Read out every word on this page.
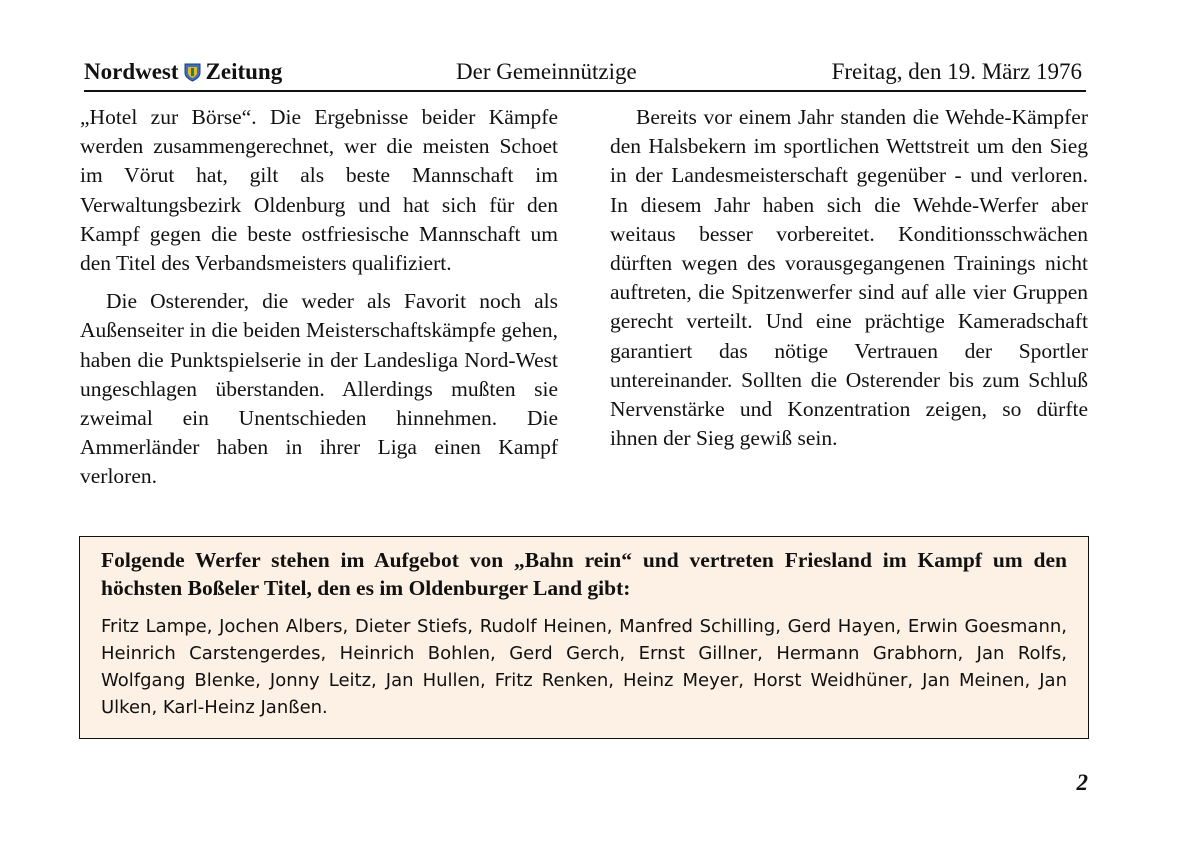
Nordwest Zeitung	Der Gemeinnützige	Freitag, den 19. März 1976

„Hotel zur Börse“. Die Ergebnisse beider Kämpfe werden zusammengerechnet, wer die meisten Schoet im Vörut hat, gilt als beste Mannschaft im Verwaltungsbezirk Oldenburg und hat sich für den Kampf gegen die beste ostfriesische Mannschaft um den Titel des Verbandsmeisters qualifiziert.

Die Osterender, die weder als Favorit noch als Außenseiter in die beiden Meisterschaftskämpfe gehen, haben die Punktspielserie in der Landesliga Nord-West ungeschlagen überstanden. Allerdings mußten sie zweimal ein Unentschieden hinnehmen. Die Ammerländer haben in ihrer Liga einen Kampf verloren.

Bereits vor einem Jahr standen die Wehde-Kämpfer den Halsbekern im sportlichen Wettstreit um den Sieg in der Landesmeisterschaft gegenüber - und verloren. In diesem Jahr haben sich die Wehde-Werfer aber weitaus besser vorbereitet. Konditionsschwächen dürften wegen des vorausgegangenen Trainings nicht auftreten, die Spitzenwerfer sind auf alle vier Gruppen gerecht verteilt. Und eine prächtige Kameradschaft garantiert das nötige Vertrauen der Sportler untereinander. Sollten die Osterender bis zum Schluß Nervenstärke und Konzentration zeigen, so dürfte ihnen der Sieg gewiß sein.

Folgende Werfer stehen im Aufgebot von „Bahn rein“ und vertreten Friesland im Kampf um den höchsten Boßeler Titel, den es im Oldenburger Land gibt:

Fritz Lampe, Jochen Albers, Dieter Stiefs, Rudolf Heinen, Manfred Schilling, Gerd Hayen, Erwin Goesmann, Heinrich Carstengerdes, Heinrich Bohlen, Gerd Gerch, Ernst Gillner, Hermann Grabhorn, Jan Rolfs, Wolfgang Blenke, Jonny Leitz, Jan Hullen, Fritz Renken, Heinz Meyer, Horst Weidhüner, Jan Meinen, Jan Ulken, Karl-Heinz Janßen.

2
